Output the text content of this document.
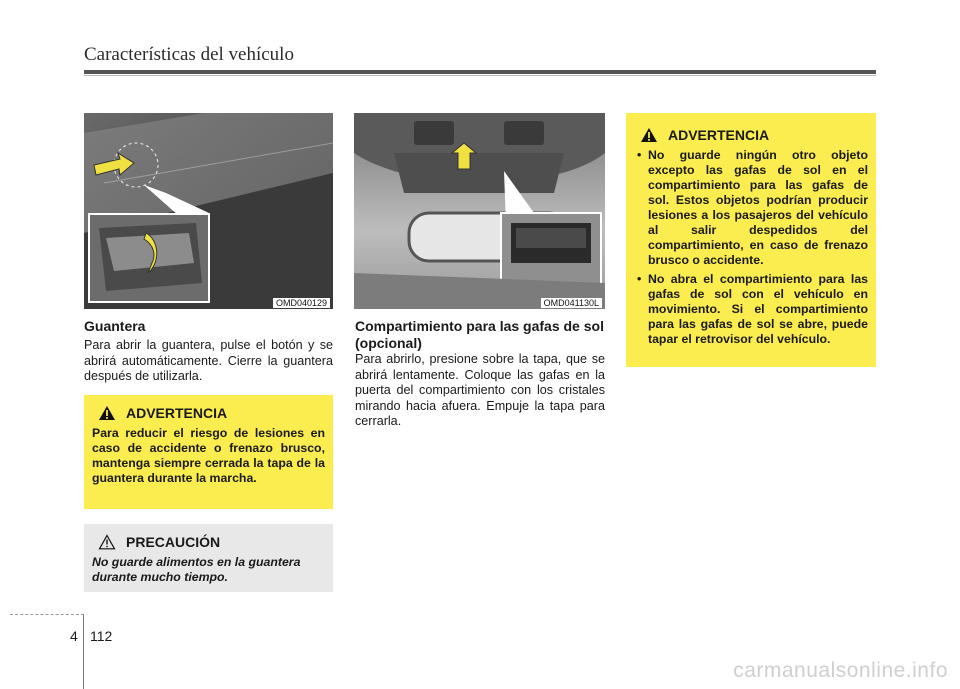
Características del vehículo
OMD040129
Guantera
Para abrir la guantera, pulse el botón y se abrirá automáticamente. Cierre la guantera después de utilizarla.
ADVERTENCIA
Para reducir el riesgo de lesiones en caso de accidente o frenazo brusco, mantenga siempre cerrada la tapa de la guantera durante la marcha.
PRECAUCIÓN
No guarde alimentos en la guantera durante mucho tiempo.
OMD041130L
Compartimiento para las gafas de sol (opcional)
Para abrirlo, presione sobre la tapa, que se abrirá lentamente. Coloque las gafas en la puerta del compartimiento con los cristales mirando hacia afuera. Empuje la tapa para cerrarla.
ADVERTENCIA
• No guarde ningún otro objeto excepto las gafas de sol en el compartimiento para las gafas de sol. Estos objetos podrían producir lesiones a los pasajeros del vehículo al salir despedidos del compartimiento, en caso de frenazo brusco o accidente.
• No abra el compartimiento para las gafas de sol con el vehículo en movimiento. Si el compartimiento para las gafas de sol se abre, puede tapar el retrovisor del vehículo.
4 112
carmanualsonline.info
